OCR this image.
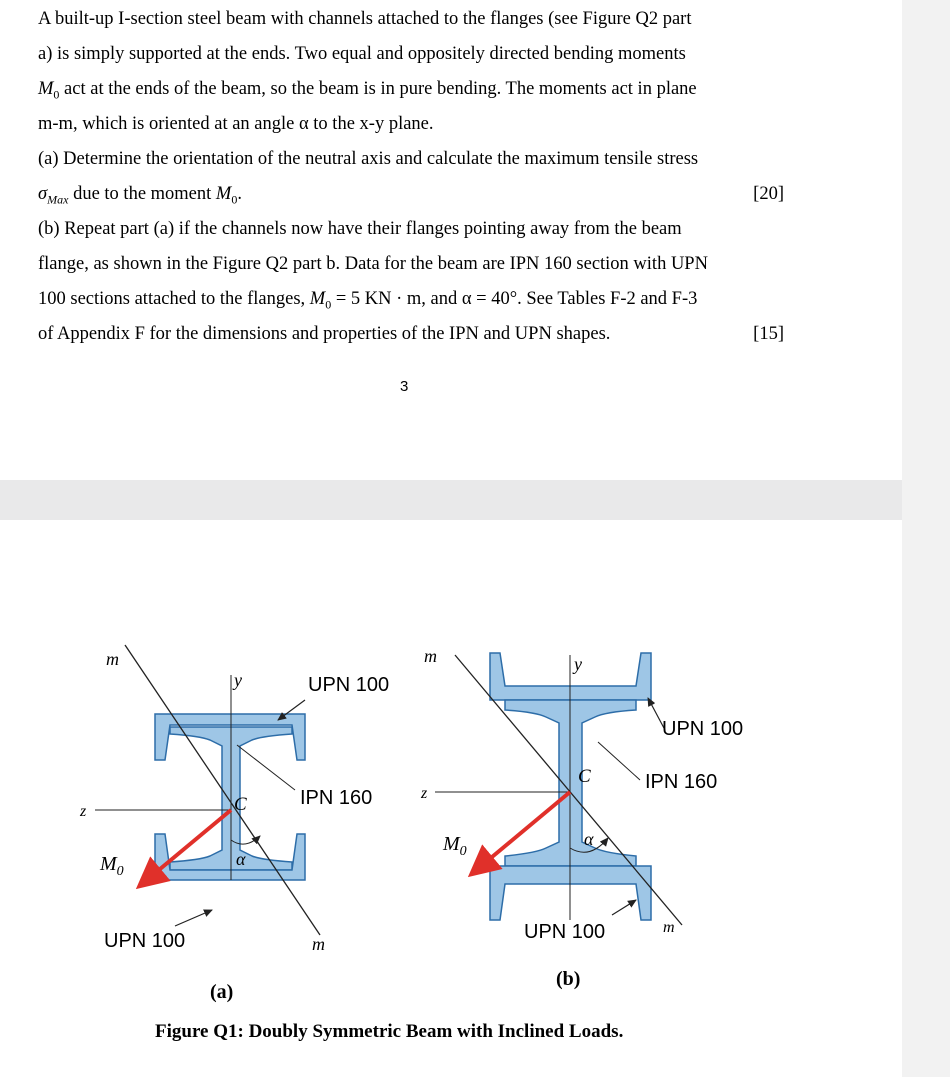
A built-up I-section steel beam with channels attached to the flanges (see Figure Q2 part
a) is simply supported at the ends. Two equal and oppositely directed bending moments
$M_0$ act at the ends of the beam, so the beam is in pure bending. The moments act in plane
m-m, which is oriented at an angle α to the x-y plane.
(a) Determine the orientation of the neutral axis and calculate the maximum tensile stress
$\sigma_{Max}$ due to the moment $M_0$.	[20]
(b) Repeat part (a) if the channels now have their flanges pointing away from the beam
flange, as shown in the Figure Q2 part b. Data for the beam are IPN 160 section with UPN
100 sections attached to the flanges, $M_0 = 5$ KN · m, and α = 40°. See Tables F-2 and F-3
of Appendix F for the dimensions and properties of the IPN and UPN shapes.	[15]
3
m
m
y
z	C
α
$M_0$
UPN 100
IPN 160
UPN 100
(a)
m
m
y
z
C
α
$M_0$
UPN 100
IPN 160
UPN 100
(b)
Figure Q1: Doubly Symmetric Beam with Inclined Loads.
